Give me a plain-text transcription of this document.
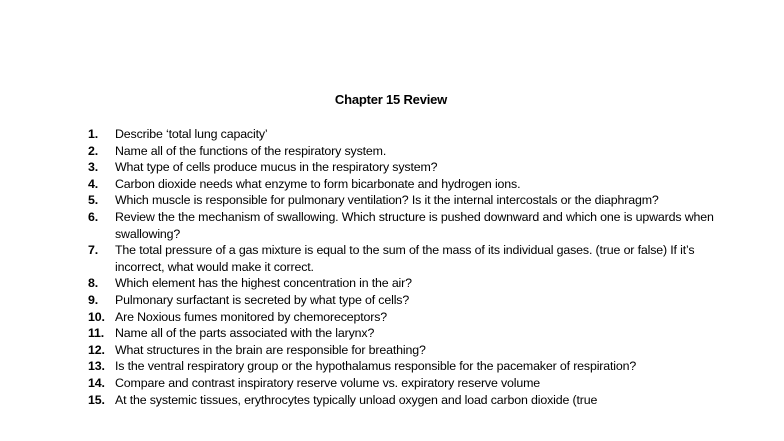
Chapter 15 Review
1.	Describe ‘total lung capacity’
2.	Name all of the functions of the respiratory system.
3.	What type of cells produce mucus in the respiratory system?
4.	Carbon dioxide needs what enzyme to form bicarbonate and hydrogen ions.
5.	Which muscle is responsible for pulmonary ventilation? Is it the internal intercostals or the diaphragm?
6.	Review the the mechanism of swallowing. Which structure is pushed downward and which one is upwards when swallowing?
7.	The total pressure of a gas mixture is equal to the sum of the mass of its individual gases. (true or false) If it’s incorrect, what would make it correct.
8.	Which element has the highest concentration in the air?
9.	Pulmonary surfactant is secreted by what type of cells?
10. Are Noxious fumes monitored by chemoreceptors?
11. Name all of the parts associated with the larynx?
12. What structures in the brain are responsible for breathing?
13. Is the ventral respiratory group or the hypothalamus responsible for the pacemaker of respiration?
14. Compare and contrast inspiratory reserve volume vs. expiratory reserve volume
15. At the systemic tissues, erythrocytes typically unload oxygen and load carbon dioxide (true
